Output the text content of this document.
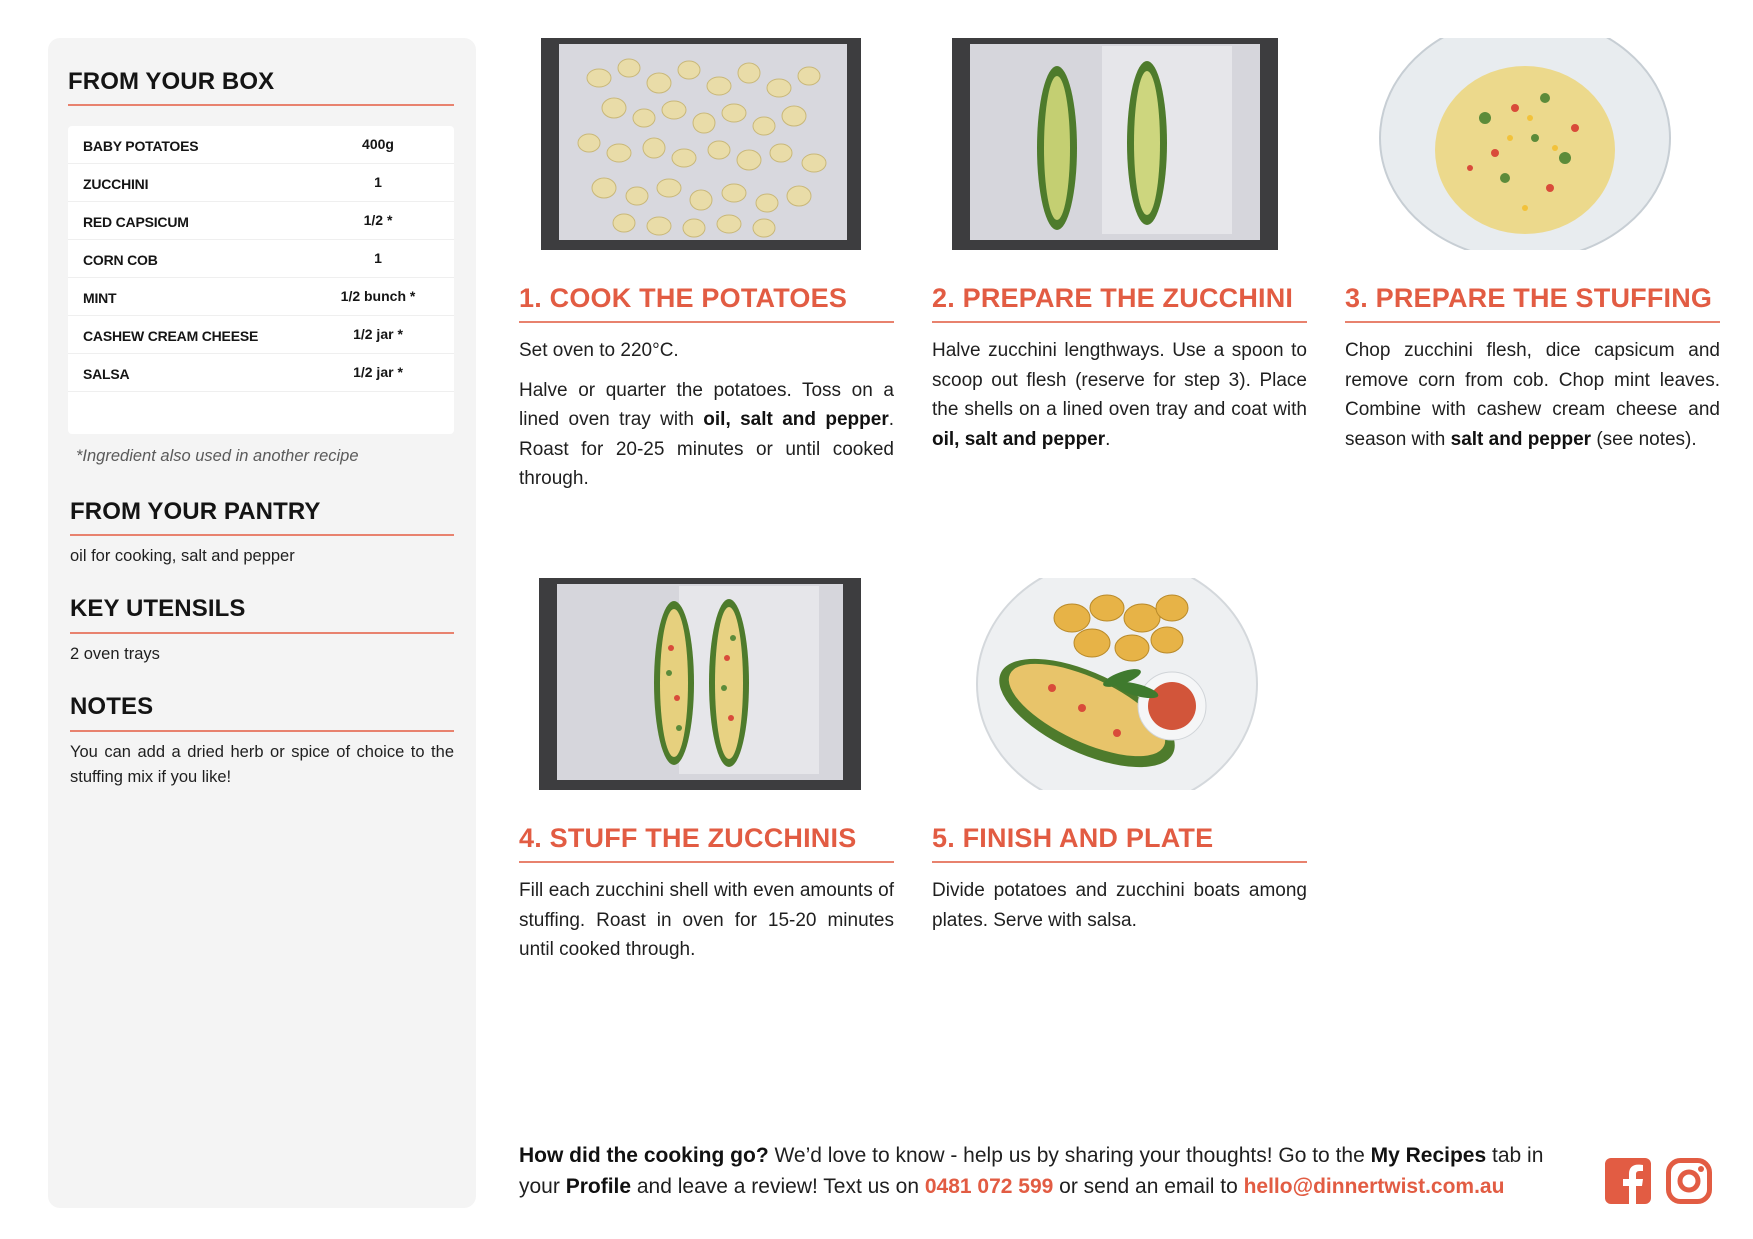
FROM YOUR BOX
BABY POTATOES	400g
ZUCCHINI	1
RED CAPSICUM	1/2 *
CORN COB	1
MINT	1/2 bunch *
CASHEW CREAM CHEESE	1/2 jar *
SALSA	1/2 jar *
*Ingredient also used in another recipe
FROM YOUR PANTRY
oil for cooking, salt and pepper
KEY UTENSILS
2 oven trays
NOTES
You can add a dried herb or spice of choice to the stuffing mix if you like!
1. COOK THE POTATOES

Set oven to 220°C.

Halve or quarter the potatoes. Toss on a lined oven tray with oil, salt and pepper. Roast for 20-25 minutes or until cooked through.

2. PREPARE THE ZUCCHINI

Halve zucchini lengthways. Use a spoon to scoop out flesh (reserve for step 3). Place the shells on a lined oven tray and coat with oil, salt and pepper.

3. PREPARE THE STUFFING

Chop zucchini flesh, dice capsicum and remove corn from cob. Chop mint leaves. Combine with cashew cream cheese and season with salt and pepper (see notes).

4. STUFF THE ZUCCHINIS

Fill each zucchini shell with even amounts of stuffing. Roast in oven for 15-20 minutes until cooked through.

5. FINISH AND PLATE

Divide potatoes and zucchini boats among plates. Serve with salsa.

How did the cooking go? We’d love to know - help us by sharing your thoughts! Go to the My Recipes tab in your Profile and leave a review! Text us on 0481 072 599 or send an email to hello@dinnertwist.com.au
